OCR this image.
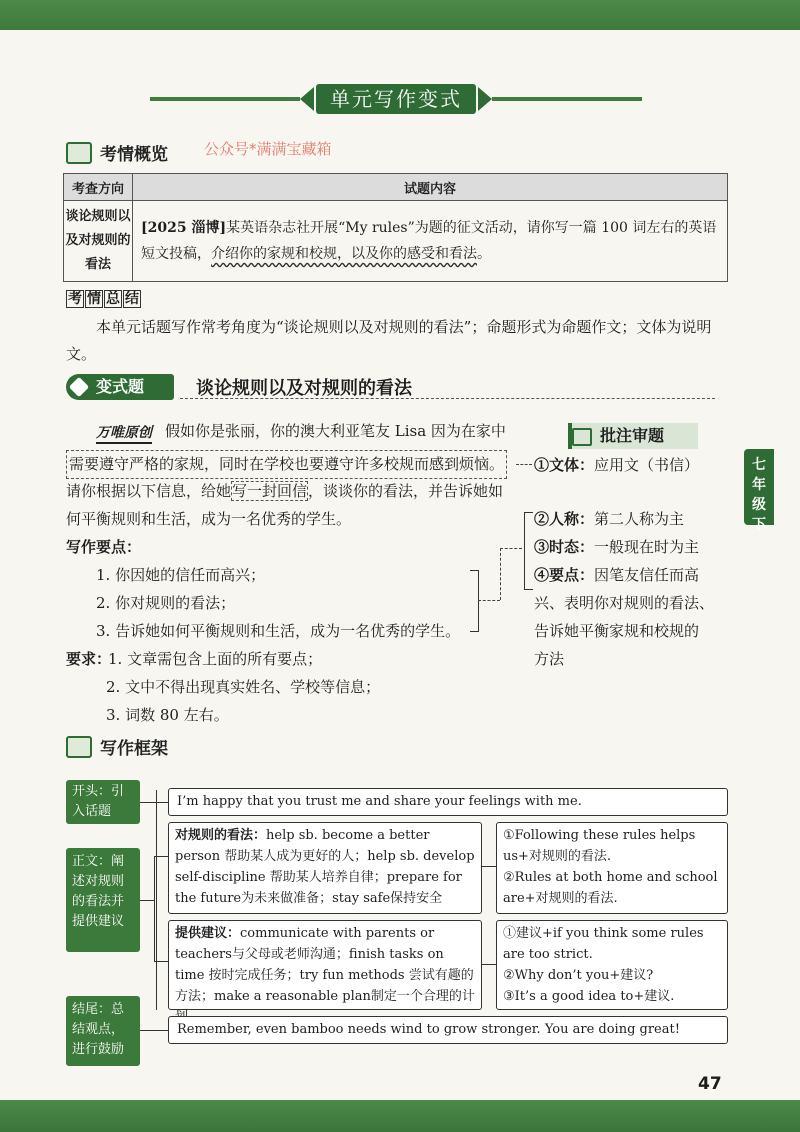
单元写作变式
考情概览 公众号*满满宝藏箱
考查方向	试题内容
谈论规则以及对规则的看法	[2025 淄博]某英语杂志社开展“My rules”为题的征文活动，请你写一篇 100 词左右的英语短文投稿，介绍你的家规和校规，以及你的感受和看法。
考 情 总 结
本单元话题写作常考角度为“谈论规则以及对规则的看法”；命题形式为命题作文；文体为说明文。
变式题	谈论规则以及对规则的看法
万唯原创 假如你是张丽，你的澳大利亚笔友 Lisa 因为在家中
需要遵守严格的家规，同时在学校也要遵守许多校规而感到烦恼。
请你根据以下信息，给她写一封回信，谈谈你的看法，并告诉她如
何平衡规则和生活，成为一名优秀的学生。
写作要点：
1. 你因她的信任而高兴；
2. 你对规则的看法；
3. 告诉她如何平衡规则和生活，成为一名优秀的学生。
要求：
1. 文章需包含上面的所有要点；
2. 文中不得出现真实姓名、学校等信息；
3. 词数 80 左右。
批注审题
①文体：应用文（书信）
②人称：第二人称为主
③时态：一般现在时为主
④要点：因笔友信任而高
兴、表明你对规则的看法、
告诉她平衡家规和校规的
方法
七年级下
写作框架
开头：引入话题
I’m happy that you trust me and share your feelings with me.
正文：阐述对规则的看法并提供建议
对规则的看法：help sb. become a better person 帮助某人成为更好的人；help sb. develop self-discipline 帮助某人培养自律；prepare for the future为未来做准备；stay safe保持安全
①Following these rules helps us+对规则的看法.
②Rules at both home and school are+对规则的看法.
提供建议：communicate with parents or teachers与父母或老师沟通；finish tasks on time 按时完成任务；try fun methods 尝试有趣的方法；make a reasonable plan制定一个合理的计
①建议+if you think some rules are too strict.
②Why don’t you+建议?
③It’s a good idea to+建议.
结尾：总结观点，进行鼓励
Remember, even bamboo needs wind to grow stronger. You are doing great!
47
